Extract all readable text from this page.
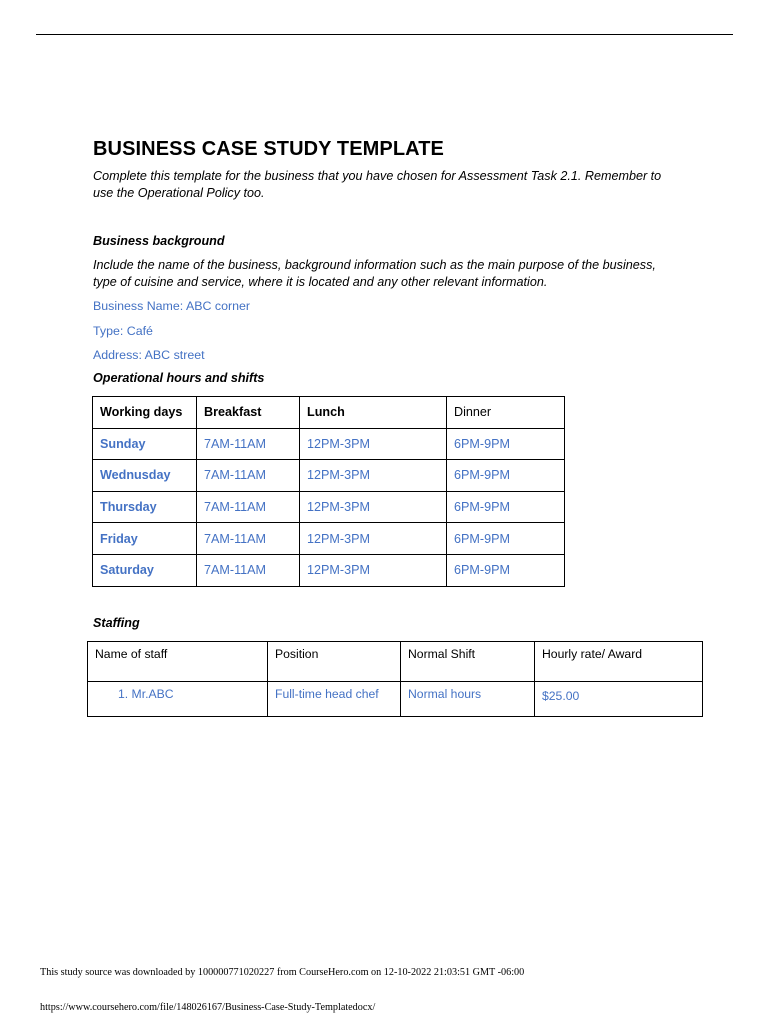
BUSINESS CASE STUDY TEMPLATE
Complete this template for the business that you have chosen for Assessment Task 2.1. Remember to use the Operational Policy too.
Business background
Include the name of the business, background information such as the main purpose of the business, type of cuisine and service, where it is located and any other relevant information.
Business Name: ABC corner
Type: Café
Address: ABC street
Operational hours and shifts
Working days	Breakfast	Lunch	Dinner
Sunday	7AM-11AM	12PM-3PM	6PM-9PM
Wednusday	7AM-11AM	12PM-3PM	6PM-9PM
Thursday	7AM-11AM	12PM-3PM	6PM-9PM
Friday	7AM-11AM	12PM-3PM	6PM-9PM
Saturday	7AM-11AM	12PM-3PM	6PM-9PM
Staffing
Name of staff	Position	Normal Shift	Hourly rate/ Award
1. Mr.ABC	Full-time head chef	Normal hours	$25.00
This study source was downloaded by 100000771020227 from CourseHero.com on 12-10-2022 21:03:51 GMT -06:00
https://www.coursehero.com/file/148026167/Business-Case-Study-Templatedocx/
